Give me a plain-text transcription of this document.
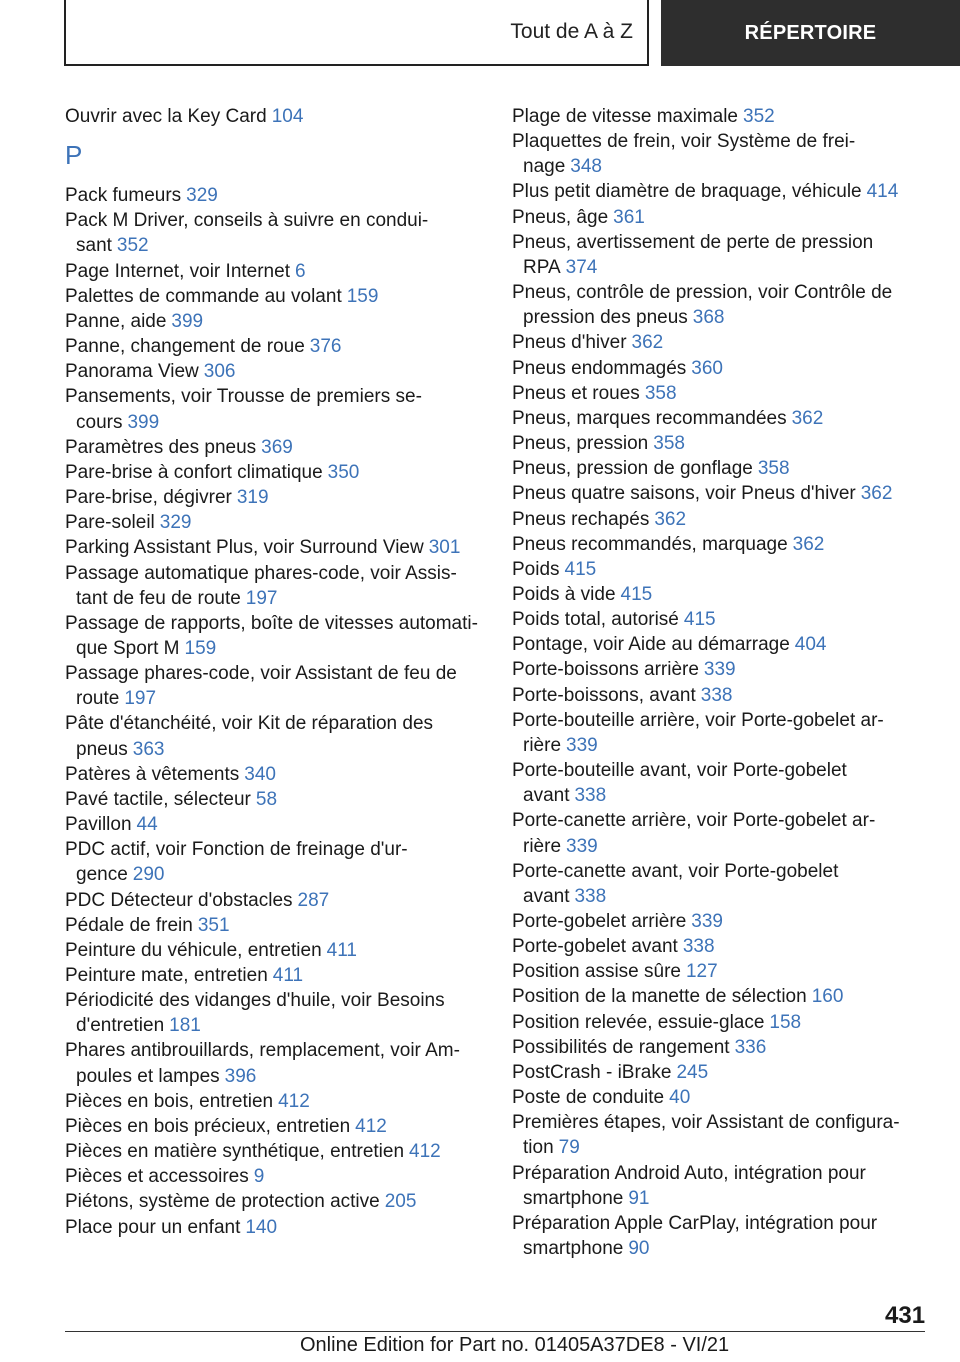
Tout de A à Z	RÉPERTOIRE
Ouvrir avec la Key Card 104
P
Pack fumeurs 329
Pack M Driver, conseils à suivre en condui-
sant 352
Page Internet, voir Internet 6
Palettes de commande au volant 159
Panne, aide 399
Panne, changement de roue 376
Panorama View 306
Pansements, voir Trousse de premiers se-
cours 399
Paramètres des pneus 369
Pare-brise à confort climatique 350
Pare-brise, dégivrer 319
Pare-soleil 329
Parking Assistant Plus, voir Surround View 301
Passage automatique phares-code, voir Assis-
tant de feu de route 197
Passage de rapports, boîte de vitesses automati-
que Sport M 159
Passage phares-code, voir Assistant de feu de
route 197
Pâte d'étanchéité, voir Kit de réparation des
pneus 363
Patères à vêtements 340
Pavé tactile, sélecteur 58
Pavillon 44
PDC actif, voir Fonction de freinage d'ur-
gence 290
PDC Détecteur d'obstacles 287
Pédale de frein 351
Peinture du véhicule, entretien 411
Peinture mate, entretien 411
Périodicité des vidanges d'huile, voir Besoins
d'entretien 181
Phares antibrouillards, remplacement, voir Am-
poules et lampes 396
Pièces en bois, entretien 412
Pièces en bois précieux, entretien 412
Pièces en matière synthétique, entretien 412
Pièces et accessoires 9
Piétons, système de protection active 205
Place pour un enfant 140
Plage de vitesse maximale 352
Plaquettes de frein, voir Système de frei-
nage 348
Plus petit diamètre de braquage, véhicule 414
Pneus, âge 361
Pneus, avertissement de perte de pression
RPA 374
Pneus, contrôle de pression, voir Contrôle de
pression des pneus 368
Pneus d'hiver 362
Pneus endommagés 360
Pneus et roues 358
Pneus, marques recommandées 362
Pneus, pression 358
Pneus, pression de gonflage 358
Pneus quatre saisons, voir Pneus d'hiver 362
Pneus rechapés 362
Pneus recommandés, marquage 362
Poids 415
Poids à vide 415
Poids total, autorisé 415
Pontage, voir Aide au démarrage 404
Porte-boissons arrière 339
Porte-boissons, avant 338
Porte-bouteille arrière, voir Porte-gobelet ar-
rière 339
Porte-bouteille avant, voir Porte-gobelet
avant 338
Porte-canette arrière, voir Porte-gobelet ar-
rière 339
Porte-canette avant, voir Porte-gobelet
avant 338
Porte-gobelet arrière 339
Porte-gobelet avant 338
Position assise sûre 127
Position de la manette de sélection 160
Position relevée, essuie-glace 158
Possibilités de rangement 336
PostCrash - iBrake 245
Poste de conduite 40
Premières étapes, voir Assistant de configura-
tion 79
Préparation Android Auto, intégration pour
smartphone 91
Préparation Apple CarPlay, intégration pour
smartphone 90
431
Online Edition for Part no. 01405A37DE8 - VI/21
